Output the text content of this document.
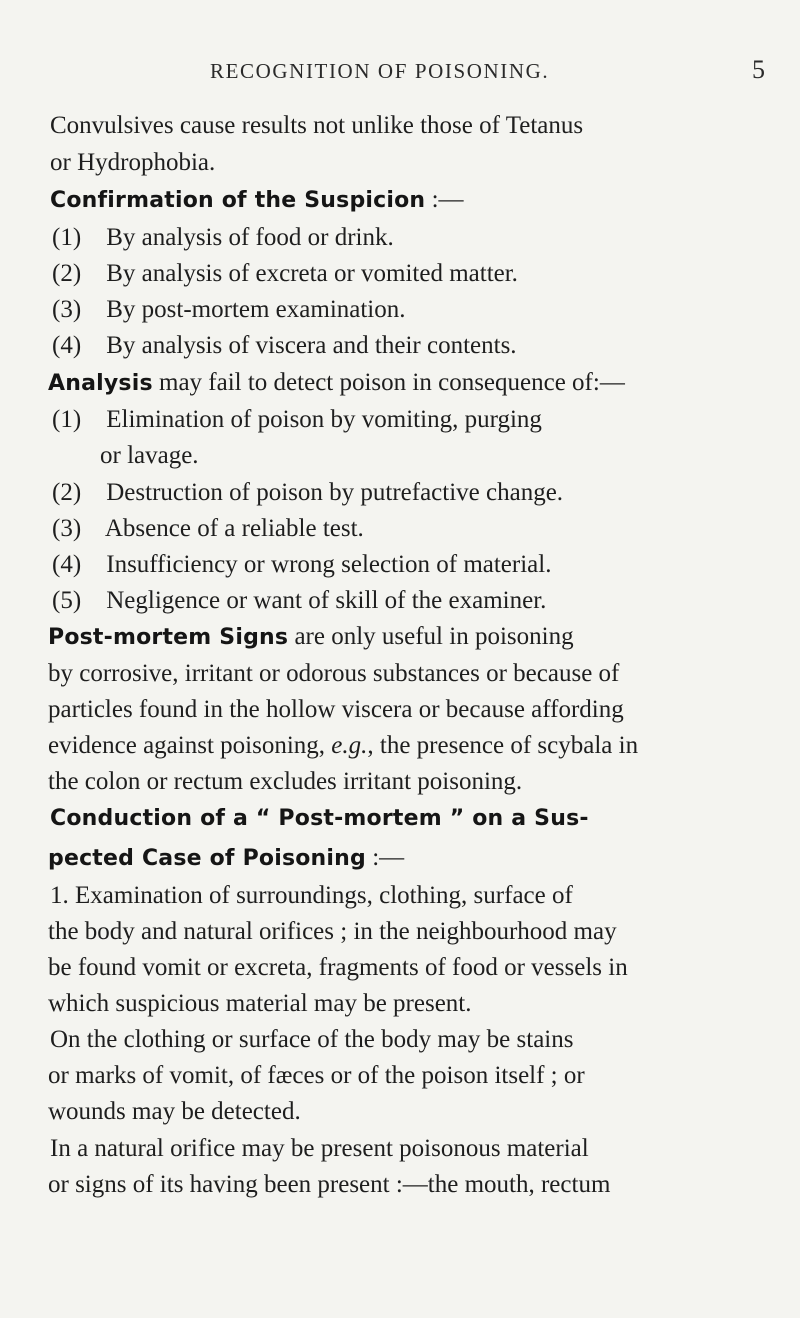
RECOGNITION OF POISONING.	5
Convulsives cause results not unlike those of Tetanus
or Hydrophobia.
Confirmation of the Suspicion :—
(1) By analysis of food or drink.
(2) By analysis of excreta or vomited matter.
(3) By post-mortem examination.
(4) By analysis of viscera and their contents.
Analysis may fail to detect poison in consequence of:—
(1) Elimination of poison by vomiting, purging
or lavage.
(2) Destruction of poison by putrefactive change.
(3) Absence of a reliable test.
(4) Insufficiency or wrong selection of material.
(5) Negligence or want of skill of the examiner.
Post-mortem Signs are only useful in poisoning
by corrosive, irritant or odorous substances or because of
particles found in the hollow viscera or because affording
evidence against poisoning, e.g., the presence of scybala in
the colon or rectum excludes irritant poisoning.
Conduction of a “ Post-mortem ” on a Sus-
pected Case of Poisoning :—
1. Examination of surroundings, clothing, surface of
the body and natural orifices ; in the neighbourhood may
be found vomit or excreta, fragments of food or vessels in
which suspicious material may be present.
On the clothing or surface of the body may be stains
or marks of vomit, of fæces or of the poison itself ; or
wounds may be detected.
In a natural orifice may be present poisonous material
or signs of its having been present :—the mouth, rectum
